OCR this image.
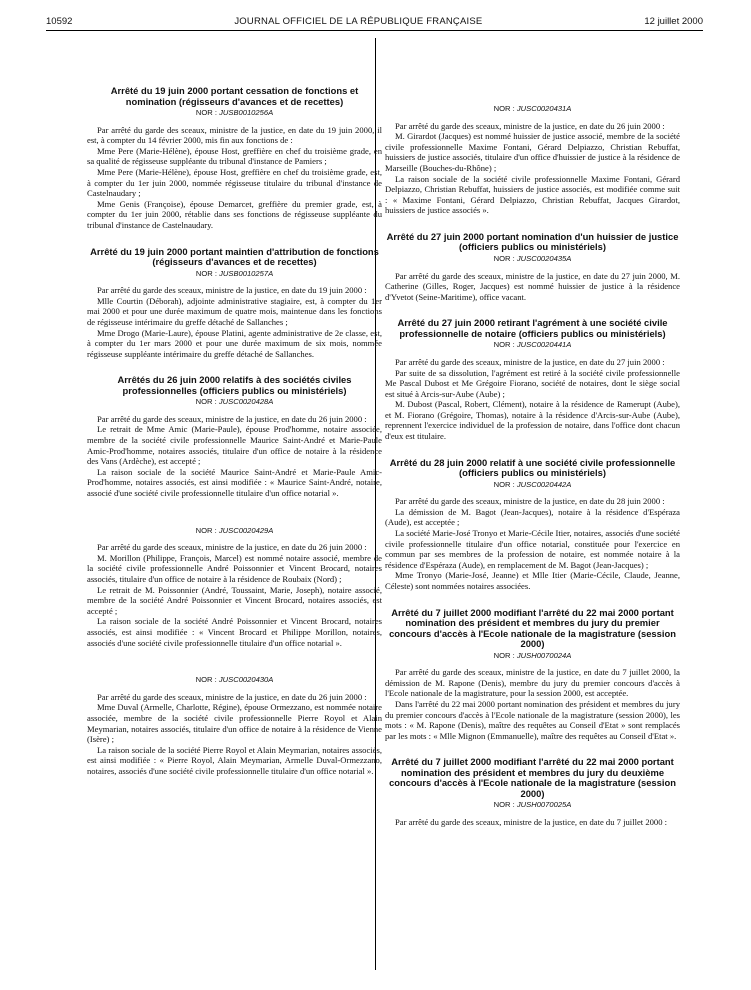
10592	JOURNAL OFFICIEL DE LA RÉPUBLIQUE FRANÇAISE	12 juillet 2000
Arrêté du 19 juin 2000 portant cessation de fonctions et nomination (régisseurs d'avances et de recettes)
NOR : JUSB0010256A

Par arrêté du garde des sceaux, ministre de la justice, en date du 19 juin 2000, il est, à compter du 14 février 2000, mis fin aux fonctions de :

Mme Pere (Marie-Hélène), épouse Host, greffière en chef du troisième grade, en sa qualité de régisseuse suppléante du tribunal d'instance de Pamiers ;

Mme Pere (Marie-Hélène), épouse Host, greffière en chef du troisième grade, est, à compter du 1er juin 2000, nommée régisseuse titulaire du tribunal d'instance de Castelnaudary ;

Mme Genis (Françoise), épouse Demarcet, greffière du premier grade, est, à compter du 1er juin 2000, rétablie dans ses fonctions de régisseuse suppléante du tribunal d'instance de Castelnaudary.

Arrêté du 19 juin 2000 portant maintien d'attribution de fonctions (régisseurs d'avances et de recettes)
NOR : JUSB0010257A

Par arrêté du garde des sceaux, ministre de la justice, en date du 19 juin 2000 :

Mlle Courtin (Déborah), adjointe administrative stagiaire, est, à compter du 1er mai 2000 et pour une durée maximum de quatre mois, maintenue dans les fonctions de régisseuse intérimaire du greffe détaché de Sallanches ;

Mme Drogo (Marie-Laure), épouse Platini, agente administrative de 2e classe, est, à compter du 1er mars 2000 et pour une durée maximum de six mois, nommée régisseuse suppléante intérimaire du greffe détaché de Sallanches.

Arrêtés du 26 juin 2000 relatifs à des sociétés civiles professionnelles (officiers publics ou ministériels)
NOR : JUSC0020428A

Par arrêté du garde des sceaux, ministre de la justice, en date du 26 juin 2000 :

Le retrait de Mme Amic (Marie-Paule), épouse Prod'homme, notaire associée, membre de la société civile professionnelle Maurice Saint-André et Marie-Paule Amic-Prod'homme, notaires associés, titulaire d'un office de notaire à la résidence des Vans (Ardèche), est accepté ;

La raison sociale de la société Maurice Saint-André et Marie-Paule Amic-Prod'homme, notaires associés, est ainsi modifiée : « Maurice Saint-André, notaire, associé d'une société civile professionnelle titulaire d'un office notarial ».

NOR : JUSC0020429A

Par arrêté du garde des sceaux, ministre de la justice, en date du 26 juin 2000 :

M. Morillon (Philippe, François, Marcel) est nommé notaire associé, membre de la société civile professionnelle André Poissonnier et Vincent Brocard, notaires associés, titulaire d'un office de notaire à la résidence de Roubaix (Nord) ;

Le retrait de M. Poissonnier (André, Toussaint, Marie, Joseph), notaire associé, membre de la société André Poissonnier et Vincent Brocard, notaires associés, est accepté ;

La raison sociale de la société André Poissonnier et Vincent Brocard, notaires associés, est ainsi modifiée : « Vincent Brocard et Philippe Morillon, notaires, associés d'une société civile professionnelle titulaire d'un office notarial ».

NOR : JUSC0020430A

Par arrêté du garde des sceaux, ministre de la justice, en date du 26 juin 2000 :

Mme Duval (Armelle, Charlotte, Régine), épouse Ormezzano, est nommée notaire associée, membre de la société civile professionnelle Pierre Royol et Alain Meymarian, notaires associés, titulaire d'un office de notaire à la résidence de Vienne (Isère) ;

La raison sociale de la société Pierre Royol et Alain Meymarian, notaires associés, est ainsi modifiée : « Pierre Royol, Alain Meymarian, Armelle Duval-Ormezzano, notaires, associés d'une société civile professionnelle titulaire d'un office notarial ».

NOR : JUSC0020431A

Par arrêté du garde des sceaux, ministre de la justice, en date du 26 juin 2000 :

M. Girardot (Jacques) est nommé huissier de justice associé, membre de la société civile professionnelle Maxime Fontani, Gérard Delpiazzo, Christian Rebuffat, huissiers de justice associés, titulaire d'un office d'huissier de justice à la résidence de Marseille (Bouches-du-Rhône) ;

La raison sociale de la société civile professionnelle Maxime Fontani, Gérard Delpiazzo, Christian Rebuffat, huissiers de justice associés, est modifiée comme suit : « Maxime Fontani, Gérard Delpiazzo, Christian Rebuffat, Jacques Girardot, huissiers de justice associés ».

Arrêté du 27 juin 2000 portant nomination d'un huissier de justice (officiers publics ou ministériels)
NOR : JUSC0020435A

Par arrêté du garde des sceaux, ministre de la justice, en date du 27 juin 2000, M. Catherine (Gilles, Roger, Jacques) est nommé huissier de justice à la résidence d'Yvetot (Seine-Maritime), office vacant.

Arrêté du 27 juin 2000 retirant l'agrément à une société civile professionnelle de notaire (officiers publics ou ministériels)
NOR : JUSC0020441A

Par arrêté du garde des sceaux, ministre de la justice, en date du 27 juin 2000 :

Par suite de sa dissolution, l'agrément est retiré à la société civile professionnelle Me Pascal Dubost et Me Grégoire Fiorano, société de notaires, dont le siège social est situé à Arcis-sur-Aube (Aube) ;

M. Dubost (Pascal, Robert, Clément), notaire à la résidence de Ramerupt (Aube), et M. Fiorano (Grégoire, Thomas), notaire à la résidence d'Arcis-sur-Aube (Aube), reprennent l'exercice individuel de la profession de notaire, dans l'office dont chacun d'eux est titulaire.

Arrêté du 28 juin 2000 relatif à une société civile professionnelle (officiers publics ou ministériels)
NOR : JUSC0020442A

Par arrêté du garde des sceaux, ministre de la justice, en date du 28 juin 2000 :

La démission de M. Bagot (Jean-Jacques), notaire à la résidence d'Espéraza (Aude), est acceptée ;

La société Marie-José Tronyo et Marie-Cécile Itier, notaires, associés d'une société civile professionnelle titulaire d'un office notarial, constituée pour l'exercice en commun par ses membres de la profession de notaire, est nommée notaire à la résidence d'Espéraza (Aude), en remplacement de M. Bagot (Jean-Jacques) ;

Mme Tronyo (Marie-José, Jeanne) et Mlle Itier (Marie-Cécile, Claude, Jeanne, Céleste) sont nommées notaires associées.

Arrêté du 7 juillet 2000 modifiant l'arrêté du 22 mai 2000 portant nomination des président et membres du jury du premier concours d'accès à l'Ecole nationale de la magistrature (session 2000)
NOR : JUSH0070024A

Par arrêté du garde des sceaux, ministre de la justice, en date du 7 juillet 2000, la démission de M. Rapone (Denis), membre du jury du premier concours d'accès à l'Ecole nationale de la magistrature, pour la session 2000, est acceptée.

Dans l'arrêté du 22 mai 2000 portant nomination des président et membres du jury du premier concours d'accès à l'Ecole nationale de la magistrature (session 2000), les mots : « M. Rapone (Denis), maître des requêtes au Conseil d'Etat » sont remplacés par les mots : « Mlle Mignon (Emmanuelle), maître des requêtes au Conseil d'Etat ».

Arrêté du 7 juillet 2000 modifiant l'arrêté du 22 mai 2000 portant nomination des président et membres du jury du deuxième concours d'accès à l'Ecole nationale de la magistrature (session 2000)
NOR : JUSH0070025A

Par arrêté du garde des sceaux, ministre de la justice, en date du 7 juillet 2000 :
